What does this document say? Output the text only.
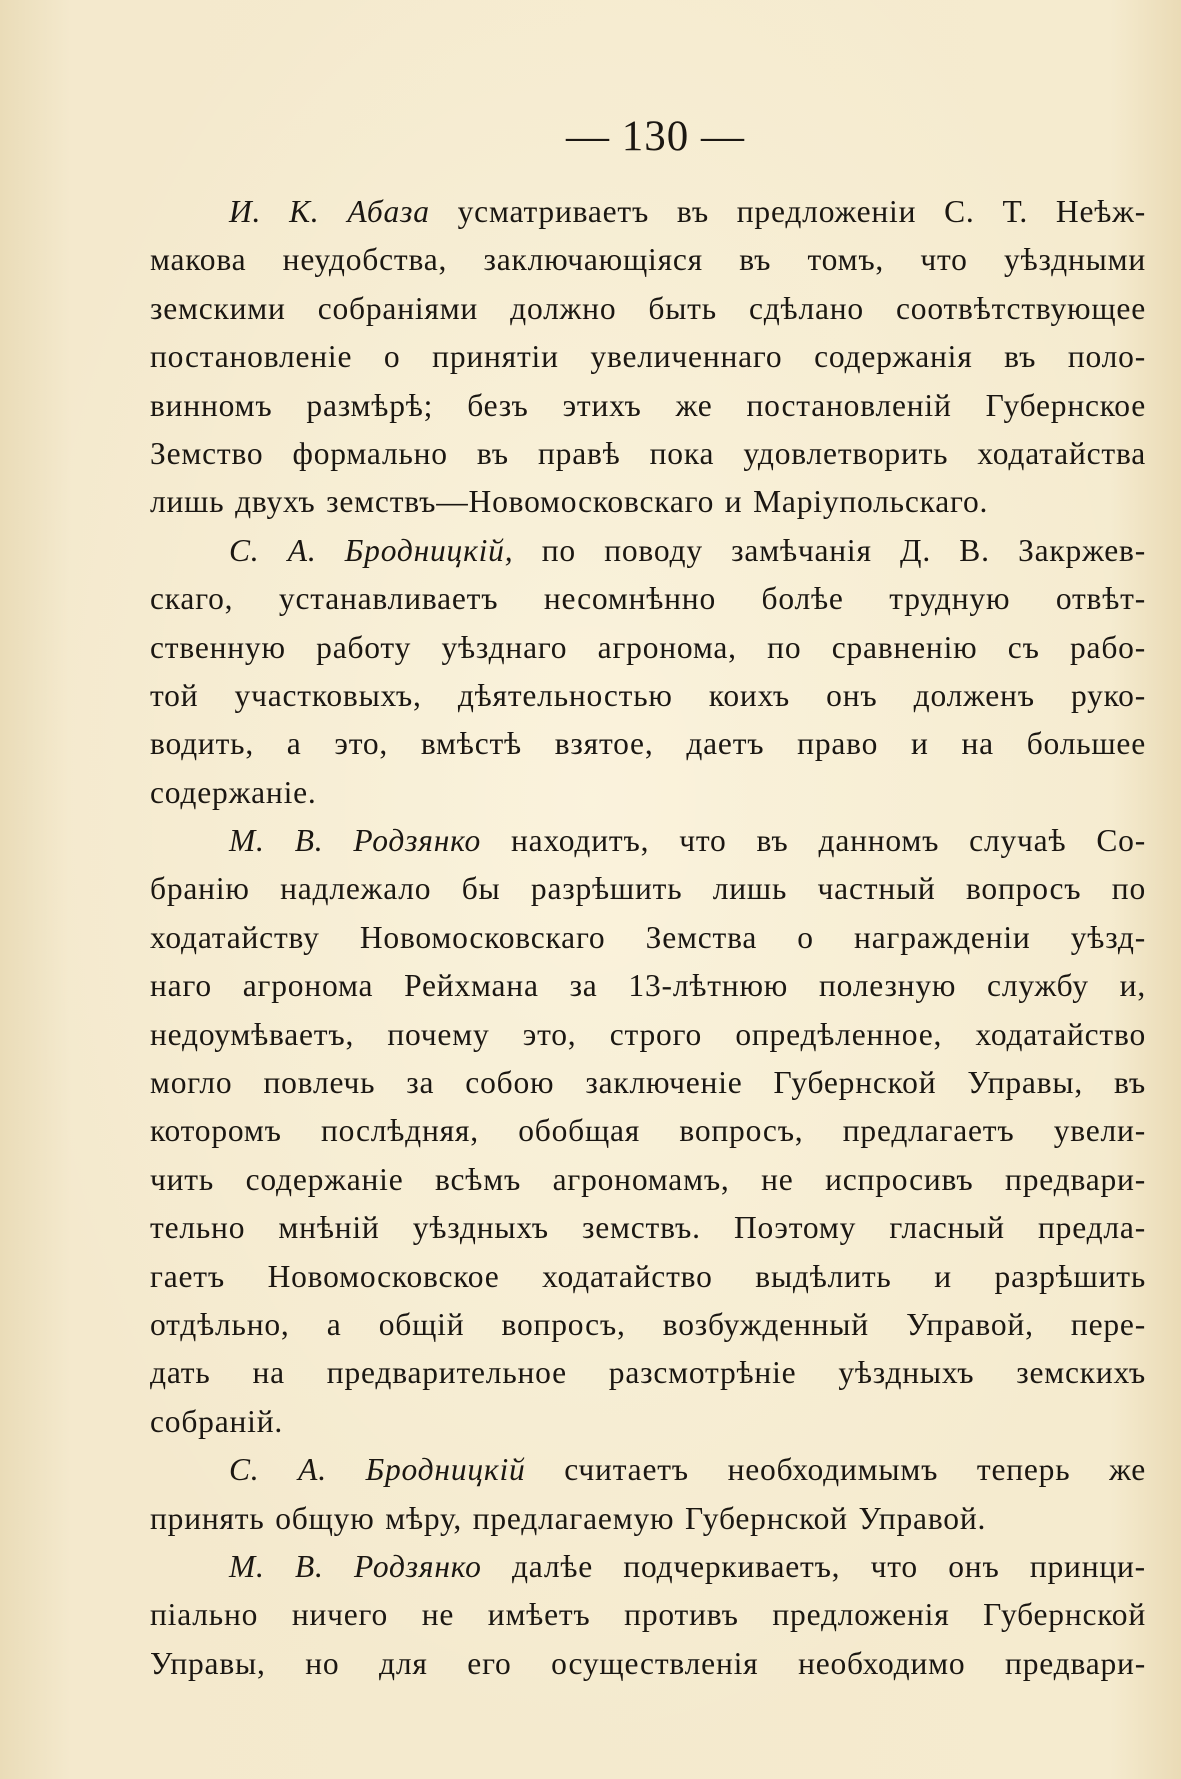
— 130 —

И. К. Абаза усматриваетъ въ предложеніи С. Т. Неѣж-
макова неудобства, заключающіяся въ томъ, что уѣздными
земскими собраніями должно быть сдѣлано соотвѣтствующее
постановленіе о принятіи увеличеннаго содержанія въ поло-
винномъ размѣрѣ; безъ этихъ же постановленій Губернское
Земство формально въ правѣ пока удовлетворить ходатайства
лишь двухъ земствъ—Новомосковскаго и Маріупольскаго.

С. А. Бродницкій, по поводу замѣчанія Д. В. Закржев-
скаго, устанавливаетъ несомнѣнно болѣе трудную отвѣт-
ственную работу уѣзднаго агронома, по сравненію съ рабо-
той участковыхъ, дѣятельностью коихъ онъ долженъ руко-
водить, а это, вмѣстѣ взятое, даетъ право и на большее
содержаніе.

М. В. Родзянко находитъ, что въ данномъ случаѣ Со-
бранію надлежало бы разрѣшить лишь частный вопросъ по
ходатайству Новомосковскаго Земства о награжденіи уѣзд-
наго агронома Рейхмана за 13-лѣтнюю полезную службу и,
недоумѣваетъ, почему это, строго опредѣленное, ходатайство
могло повлечь за собою заключеніе Губернской Управы, въ
которомъ послѣдняя, обобщая вопросъ, предлагаетъ увели-
чить содержаніе всѣмъ агрономамъ, не испросивъ предвари-
тельно мнѣній уѣздныхъ земствъ. Поэтому гласный предла-
гаетъ Новомосковское ходатайство выдѣлить и разрѣшить
отдѣльно, а общій вопросъ, возбужденный Управой, пере-
дать на предварительное разсмотрѣніе уѣздныхъ земскихъ
собраній.

С. А. Бродницкій считаетъ необходимымъ теперь же
принять общую мѣру, предлагаемую Губернской Управой.

М. В. Родзянко далѣе подчеркиваетъ, что онъ принци-
піально ничего не имѣетъ противъ предложенія Губернской
Управы, но для его осуществленія необходимо предвари-
